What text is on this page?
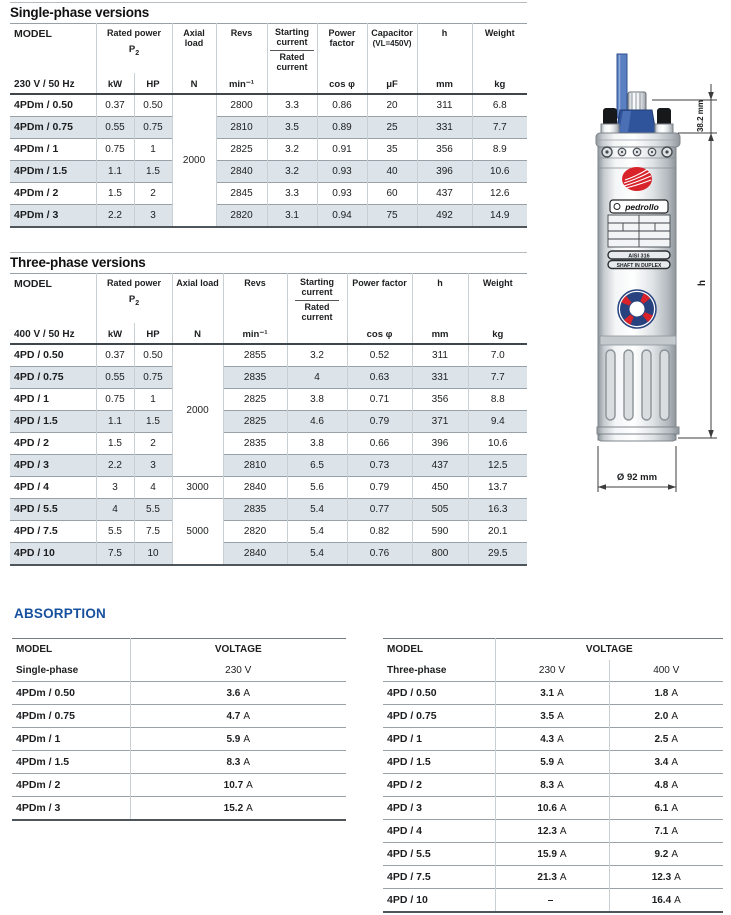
Single-phase versions
MODEL	Rated power
$P_2$
	Axial load	Revs	Starting current
Rated current
	Power factor	
Capacitor
(VL=450V)
	h	Weight
230 V / 50 Hz	kW	HP	N	min⁻¹		cos φ	μF	mm	kg
4PDm / 0.50	0.37	0.50	2000	2800	3.3	0.86	20	311	6.8
4PDm / 0.75	0.55	0.75		2810	3.5	0.89	25	331	7.7
4PDm / 1	0.75	1		2825	3.2	0.91	35	356	8.9
4PDm / 1.5	1.1	1.5		2840	3.2	0.93	40	396	10.6
4PDm / 2	1.5	2		2845	3.3	0.93	60	437	12.6
4PDm / 3	2.2	3		2820	3.1	0.94	75	492	14.9
Three-phase versions
MODEL	Rated power
$P_2$
	Axial load	Revs	Starting current
Rated current
	Power factor	h	Weight
400 V / 50 Hz	kW	HP	N	min⁻¹		cos φ	mm	kg
4PD / 0.50	0.37	0.50	2000	2855	3.2	0.52	311	7.0
4PD / 0.75	0.55	0.75		2835	4	0.63	331	7.7
4PD / 1	0.75	1		2825	3.8	0.71	356	8.8
4PD / 1.5	1.1	1.5		2825	4.6	0.79	371	9.4
4PD / 2	1.5	2		2835	3.8	0.66	396	10.6
4PD / 3	2.2	3		2810	6.5	0.73	437	12.5
4PD / 4	3	4	3000	2840	5.6	0.79	450	13.7
4PD / 5.5	4	5.5	5000	2835	5.4	0.77	505	16.3
4PD / 7.5	5.5	7.5		2820	5.4	0.82	590	20.1
4PD / 10	7.5	10		2840	5.4	0.76	800	29.5
ABSORPTION
MODEL	VOLTAGE
Single-phase	230 V
4PDm / 0.50	3.6 A
4PDm / 0.75	4.7 A
4PDm / 1	5.9 A
4PDm / 1.5	8.3 A
4PDm / 2	10.7 A
4PDm / 3	15.2 A
MODEL	VOLTAGE	
Three-phase	230 V	400 V
4PD / 0.50	3.1 A	1.8 A
4PD / 0.75	3.5 A	2.0 A
4PD / 1	4.3 A	2.5 A
4PD / 1.5	5.9 A	3.4 A
4PD / 2	8.3 A	4.8 A
4PD / 3	10.6 A	6.1 A
4PD / 4	12.3 A	7.1 A
4PD / 5.5	15.9 A	9.2 A
4PD / 7.5	21.3 A	12.3 A
4PD / 10	–	16.4 A
pedrollo
AISI 316
SHAFT IN DUPLEX
38.2 mm
h
Ø 92 mm
